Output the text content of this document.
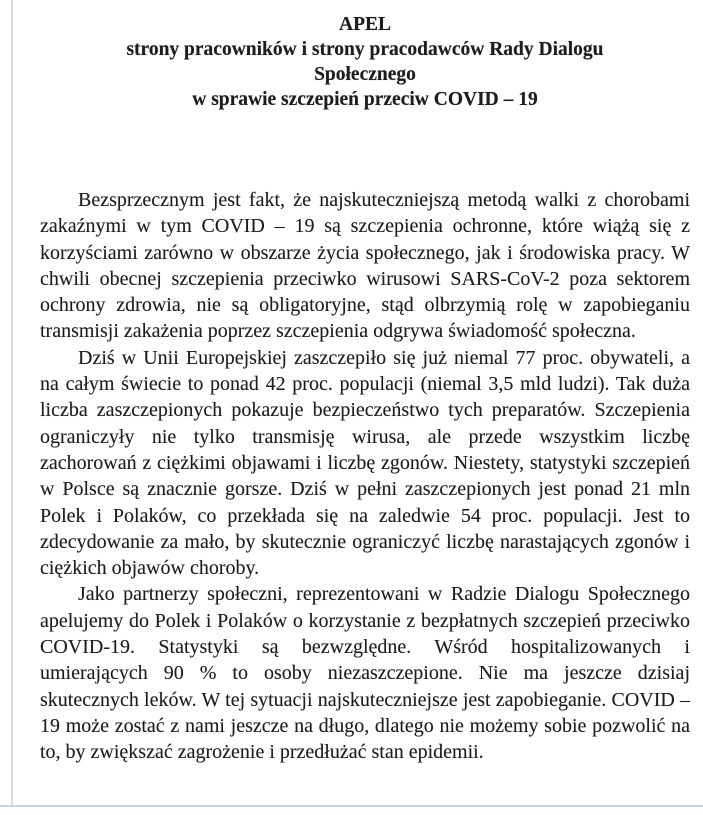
APEL
strony pracowników i strony pracodawców Rady Dialogu
Społecznego
w sprawie szczepień przeciw COVID – 19

Bezsprzecznym jest fakt, że najskuteczniejszą metodą walki z chorobami zakaźnymi w tym COVID – 19 są szczepienia ochronne, które wiążą się z korzyściami zarówno w obszarze życia społecznego, jak i środowiska pracy. W chwili obecnej szczepienia przeciwko wirusowi SARS-CoV-2 poza sektorem ochrony zdrowia, nie są obligatoryjne, stąd olbrzymią rolę w zapobieganiu transmisji zakażenia poprzez szczepienia odgrywa świadomość społeczna.

Dziś w Unii Europejskiej zaszczepiło się już niemal 77 proc. obywateli, a na całym świecie to ponad 42 proc. populacji (niemal 3,5 mld ludzi). Tak duża liczba zaszczepionych pokazuje bezpieczeństwo tych preparatów. Szczepienia ograniczyły nie tylko transmisję wirusa, ale przede wszystkim liczbę zachorowań z ciężkimi objawami i liczbę zgonów. Niestety, statystyki szczepień w Polsce są znacznie gorsze. Dziś w pełni zaszczepionych jest ponad 21 mln Polek i Polaków, co przekłada się na zaledwie 54 proc. populacji. Jest to zdecydowanie za mało, by skutecznie ograniczyć liczbę narastających zgonów i ciężkich objawów choroby.

Jako partnerzy społeczni, reprezentowani w Radzie Dialogu Społecznego apelujemy do Polek i Polaków o korzystanie z bezpłatnych szczepień przeciwko COVID-19. Statystyki są bezwzględne. Wśród hospitalizowanych i umierających 90 % to osoby niezaszczepione. Nie ma jeszcze dzisiaj skutecznych leków. W tej sytuacji najskuteczniejsze jest zapobieganie. COVID – 19 może zostać z nami jeszcze na długo, dlatego nie możemy sobie pozwolić na to, by zwiększać zagrożenie i przedłużać stan epidemii.
